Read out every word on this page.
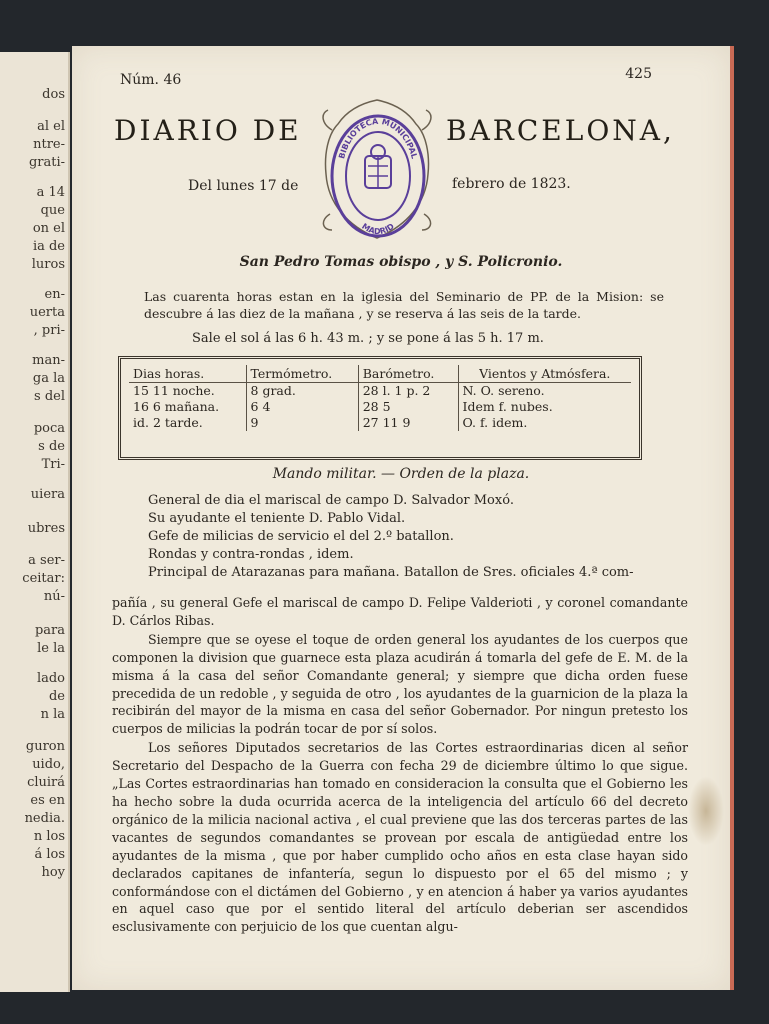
dos
al el
ntre-
grati-
a 14
que
on el
ia de
luros
en-
uerta
, pri-
man-
ga la
s del
poca
s de
Tri-
uiera
ubres
a ser-
ceitar:
nú-
para
le la
lado
de
n la
guron
uido,
cluirá
es en
nedia.
n los
á los
hoy
Núm. 46	425
DIARIO DE	BARCELONA,
BIBLIOTECA MUNICIPAL
MADRID
Del lunes 17 de	febrero de 1823.
San Pedro Tomas obispo , y S. Policronio.
Las cuarenta horas estan en la iglesia del Seminario de PP. de la Mision: se descubre á las diez de la mañana , y se reserva á las seis de la tarde.
Sale el sol á las 6 h. 43 m. ; y se pone á las 5 h. 17 m.
Dias horas.	Termómetro.	Barómetro.	Vientos y Atmósfera.
15 11 noche.	8 grad.	28 l. 1 p. 2	N. O. sereno.
16 6 mañana.	6 4	28 5	Idem f. nubes.
id. 2 tarde.	9	27 11 9	O. f. idem.
Mando militar. — Orden de la plaza.
General de dia el mariscal de campo D. Salvador Moxó.
Su ayudante el teniente D. Pablo Vidal.
Gefe de milicias de servicio el del 2.º batallon.
Rondas y contra-rondas , idem.
Principal de Atarazanas para mañana. Batallon de Sres. oficiales 4.ª com-

pañía , su general Gefe el mariscal de campo D. Felipe Valderioti , y coronel comandante D. Cárlos Ribas.

Siempre que se oyese el toque de orden general los ayudantes de los cuerpos que componen la division que guarnece esta plaza acudirán á tomarla del gefe de E. M. de la misma á la casa del señor Comandante general; y siempre que dicha orden fuese precedida de un redoble , y seguida de otro , los ayudantes de la guarnicion de la plaza la recibirán del mayor de la misma en casa del señor Gobernador. Por ningun pretesto los cuerpos de milicias la podrán tocar de por sí solos.

Los señores Diputados secretarios de las Cortes estraordinarias dicen al señor Secretario del Despacho de la Guerra con fecha 29 de diciembre último lo que sigue. „Las Cortes estraordinarias han tomado en consideracion la consulta que el Gobierno les ha hecho sobre la duda ocurrida acerca de la inteligencia del artículo 66 del decreto orgánico de la milicia nacional activa , el cual previene que las dos terceras partes de las vacantes de segundos comandantes se provean por escala de antigüedad entre los ayudantes de la misma , que por haber cumplido ocho años en esta clase hayan sido declarados capitanes de infantería, segun lo dispuesto por el 65 del mismo ; y conformándose con el dictámen del Gobierno , y en atencion á haber ya varios ayudantes en aquel caso que por el sentido literal del artículo deberian ser ascendidos esclusivamente con perjuicio de los que cuentan algu-
